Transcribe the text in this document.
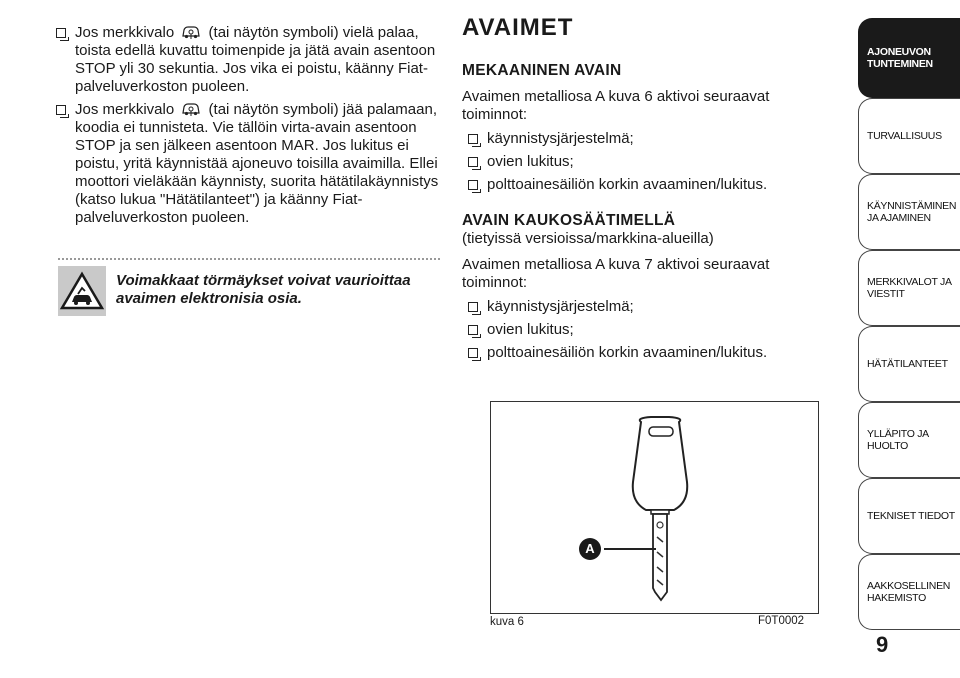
Jos merkkivalo (tai näytön symboli) vielä palaa, toista edellä kuvattu toimenpide ja jätä avain asentoon STOP yli 30 sekuntia. Jos vika ei poistu, käänny Fiat-palveluverkoston puoleen.
Jos merkkivalo (tai näytön symboli) jää palamaan, koodia ei tunnisteta. Vie tällöin virta-avain asentoon STOP ja sen jälkeen asentoon MAR. Jos lukitus ei poistu, yritä käynnistää ajoneuvo toisilla avaimilla. Ellei moottori vieläkään käynnisty, suorita hätätilakäynnistys (katso lukua "Hätätilanteet") ja käänny Fiat-palveluverkoston puoleen.
Voimakkaat törmäykset voivat vaurioittaa avaimen elektronisia osia.
AVAIMET
MEKAANINEN AVAIN
Avaimen metalliosa A kuva 6 aktivoi seuraavat toiminnot:
käynnistysjärjestelmä;
ovien lukitus;
polttoainesäiliön korkin avaaminen/lukitus.
AVAIN KAUKOSÄÄTIMELLÄ
(tietyissä versioissa/markkina-alueilla)
Avaimen metalliosa A kuva 7 aktivoi seuraavat toiminnot:
käynnistysjärjestelmä;
ovien lukitus;
polttoainesäiliön korkin avaaminen/lukitus.
A
kuva 6	F0T0002
AJONEUVON
TUNTEMINEN
TURVALLISUUS
KÄYNNISTÄMINEN
JA AJAMINEN
MERKKIVALOT JA
VIESTIT
HÄTÄTILANTEET
YLLÄPITO JA HUOLTO
TEKNISET TIEDOT
AAKKOSELLINEN
HAKEMISTO
9
